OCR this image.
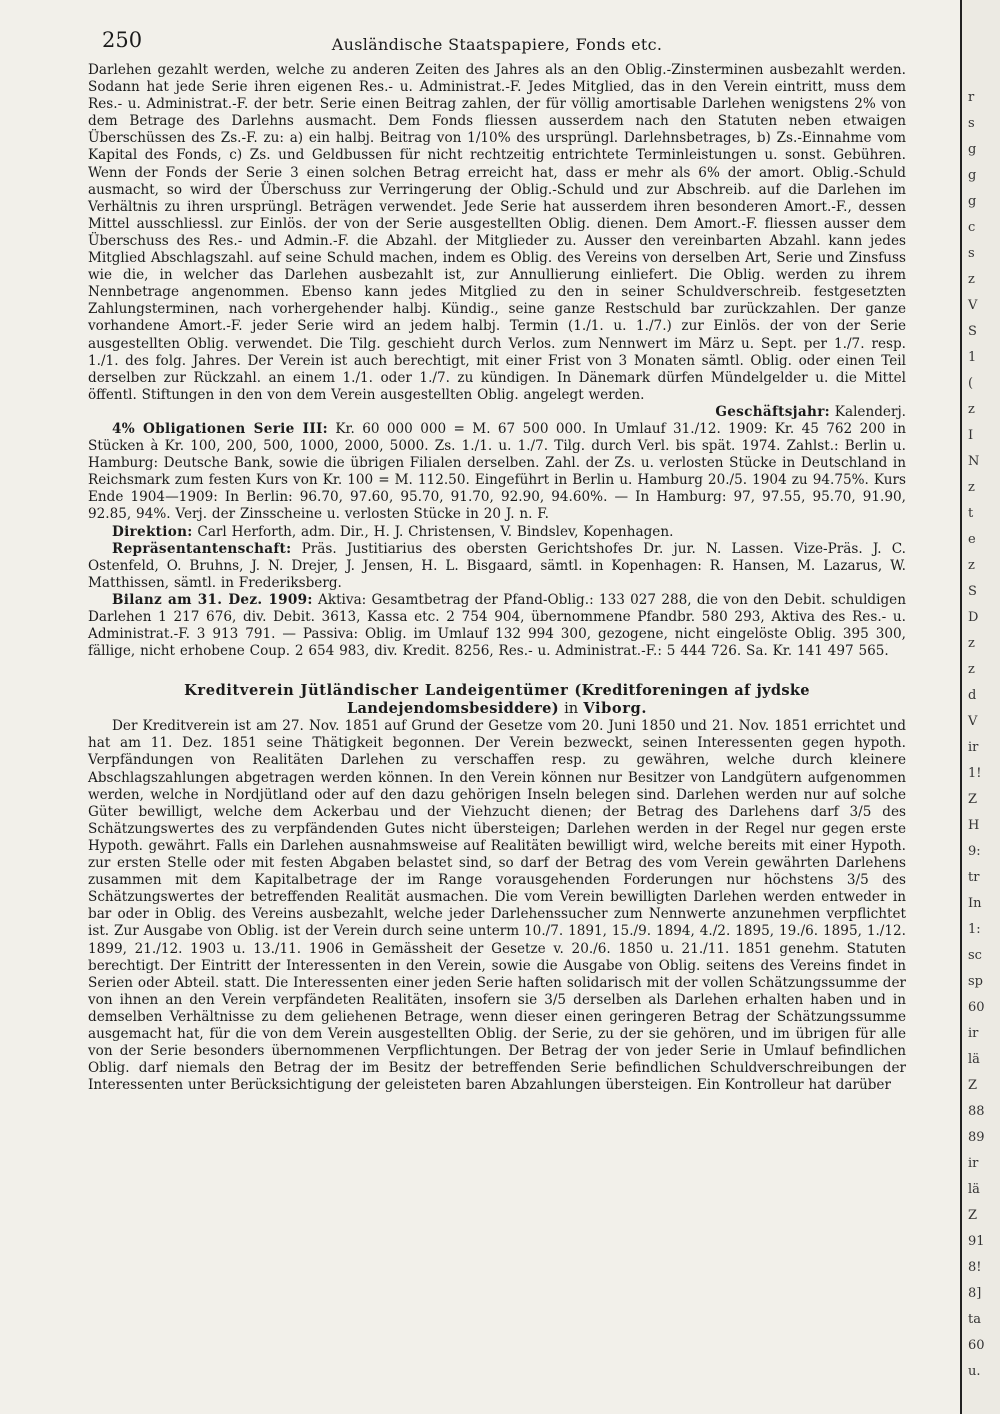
250	Ausländische Staatspapiere, Fonds etc.

Darlehen gezahlt werden, welche zu anderen Zeiten des Jahres als an den Oblig.-Zinsterminen ausbezahlt werden. Sodann hat jede Serie ihren eigenen Res.- u. Administrat.-F. Jedes Mitglied, das in den Verein eintritt, muss dem Res.- u. Administrat.-F. der betr. Serie einen Beitrag zahlen, der für völlig amortisable Darlehen wenigstens 2% von dem Betrage des Darlehns ausmacht. Dem Fonds fliessen ausserdem nach den Statuten neben etwaigen Überschüssen des Zs.-F. zu: a) ein halbj. Beitrag von 1/10% des ursprüngl. Darlehnsbetrages, b) Zs.-Einnahme vom Kapital des Fonds, c) Zs. und Geldbussen für nicht rechtzeitig entrichtete Terminleistungen u. sonst. Gebühren. Wenn der Fonds der Serie 3 einen solchen Betrag erreicht hat, dass er mehr als 6% der amort. Oblig.-Schuld ausmacht, so wird der Überschuss zur Verringerung der Oblig.-Schuld und zur Abschreib. auf die Darlehen im Verhältnis zu ihren ursprüngl. Beträgen verwendet. Jede Serie hat ausserdem ihren besonderen Amort.-F., dessen Mittel ausschliessl. zur Einlös. der von der Serie ausgestellten Oblig. dienen. Dem Amort.-F. fliessen ausser dem Überschuss des Res.- und Admin.-F. die Abzahl. der Mitglieder zu. Ausser den vereinbarten Abzahl. kann jedes Mitglied Abschlagszahl. auf seine Schuld machen, indem es Oblig. des Vereins von derselben Art, Serie und Zinsfuss wie die, in welcher das Darlehen ausbezahlt ist, zur Annullierung einliefert. Die Oblig. werden zu ihrem Nennbetrage angenommen. Ebenso kann jedes Mitglied zu den in seiner Schuldverschreib. festgesetzten Zahlungsterminen, nach vorhergehender halbj. Kündig., seine ganze Restschuld bar zurückzahlen. Der ganze vorhandene Amort.-F. jeder Serie wird an jedem halbj. Termin (1./1. u. 1./7.) zur Einlös. der von der Serie ausgestellten Oblig. verwendet. Die Tilg. geschieht durch Verlos. zum Nennwert im März u. Sept. per 1./7. resp. 1./1. des folg. Jahres. Der Verein ist auch berechtigt, mit einer Frist von 3 Monaten sämtl. Oblig. oder einen Teil derselben zur Rückzahl. an einem 1./1. oder 1./7. zu kündigen. In Dänemark dürfen Mündelgelder u. die Mittel öffentl. Stiftungen in den von dem Verein ausgestellten Oblig. angelegt werden.

Geschäftsjahr: Kalenderj.

4% Obligationen Serie III: Kr. 60 000 000 = M. 67 500 000. In Umlauf 31./12. 1909: Kr. 45 762 200 in Stücken à Kr. 100, 200, 500, 1000, 2000, 5000. Zs. 1./1. u. 1./7. Tilg. durch Verl. bis spät. 1974. Zahlst.: Berlin u. Hamburg: Deutsche Bank, sowie die übrigen Filialen derselben. Zahl. der Zs. u. verlosten Stücke in Deutschland in Reichsmark zum festen Kurs von Kr. 100 = M. 112.50. Eingeführt in Berlin u. Hamburg 20./5. 1904 zu 94.75%. Kurs Ende 1904—1909: In Berlin: 96.70, 97.60, 95.70, 91.70, 92.90, 94.60%. — In Hamburg: 97, 97.55, 95.70, 91.90, 92.85, 94%. Verj. der Zinsscheine u. verlosten Stücke in 20 J. n. F.

Direktion: Carl Herforth, adm. Dir., H. J. Christensen, V. Bindslev, Kopenhagen.

Repräsentantenschaft: Präs. Justitiarius des obersten Gerichtshofes Dr. jur. N. Lassen. Vize-Präs. J. C. Ostenfeld, O. Bruhns, J. N. Drejer, J. Jensen, H. L. Bisgaard, sämtl. in Kopenhagen: R. Hansen, M. Lazarus, W. Matthissen, sämtl. in Frederiksberg.

Bilanz am 31. Dez. 1909: Aktiva: Gesamtbetrag der Pfand-Oblig.: 133 027 288, die von den Debit. schuldigen Darlehen 1 217 676, div. Debit. 3613, Kassa etc. 2 754 904, übernommene Pfandbr. 580 293, Aktiva des Res.- u. Administrat.-F. 3 913 791. — Passiva: Oblig. im Umlauf 132 994 300, gezogene, nicht eingelöste Oblig. 395 300, fällige, nicht erhobene Coup. 2 654 983, div. Kredit. 8256, Res.- u. Administrat.-F.: 5 444 726. Sa. Kr. 141 497 565.

Kreditverein Jütländischer Landeigentümer (Kreditforeningen af jydske Landejendomsbesiddere) in Viborg.

Der Kreditverein ist am 27. Nov. 1851 auf Grund der Gesetze vom 20. Juni 1850 und 21. Nov. 1851 errichtet und hat am 11. Dez. 1851 seine Thätigkeit begonnen. Der Verein bezweckt, seinen Interessenten gegen hypoth. Verpfändungen von Realitäten Darlehen zu verschaffen resp. zu gewähren, welche durch kleinere Abschlagszahlungen abgetragen werden können. In den Verein können nur Besitzer von Landgütern aufgenommen werden, welche in Nordjütland oder auf den dazu gehörigen Inseln belegen sind. Darlehen werden nur auf solche Güter bewilligt, welche dem Ackerbau und der Viehzucht dienen; der Betrag des Darlehens darf 3/5 des Schätzungswertes des zu verpfändenden Gutes nicht übersteigen; Darlehen werden in der Regel nur gegen erste Hypoth. gewährt. Falls ein Darlehen ausnahmsweise auf Realitäten bewilligt wird, welche bereits mit einer Hypoth. zur ersten Stelle oder mit festen Abgaben belastet sind, so darf der Betrag des vom Verein gewährten Darlehens zusammen mit dem Kapitalbetrage der im Range vorausgehenden Forderungen nur höchstens 3/5 des Schätzungswertes der betreffenden Realität ausmachen. Die vom Verein bewilligten Darlehen werden entweder in bar oder in Oblig. des Vereins ausbezahlt, welche jeder Darlehenssucher zum Nennwerte anzunehmen verpflichtet ist. Zur Ausgabe von Oblig. ist der Verein durch seine unterm 10./7. 1891, 15./9. 1894, 4./2. 1895, 19./6. 1895, 1./12. 1899, 21./12. 1903 u. 13./11. 1906 in Gemässheit der Gesetze v. 20./6. 1850 u. 21./11. 1851 genehm. Statuten berechtigt. Der Eintritt der Interessenten in den Verein, sowie die Ausgabe von Oblig. seitens des Vereins findet in Serien oder Abteil. statt. Die Interessenten einer jeden Serie haften solidarisch mit der vollen Schätzungssumme der von ihnen an den Verein verpfändeten Realitäten, insofern sie 3/5 derselben als Darlehen erhalten haben und in demselben Verhältnisse zu dem geliehenen Betrage, wenn dieser einen geringeren Betrag der Schätzungssumme ausgemacht hat, für die von dem Verein ausgestellten Oblig. der Serie, zu der sie gehören, und im übrigen für alle von der Serie besonders übernommenen Verpflichtungen. Der Betrag der von jeder Serie in Umlauf befindlichen Oblig. darf niemals den Betrag der im Besitz der betreffenden Serie befindlichen Schuldverschreibungen der Interessenten unter Berücksichtigung der geleisteten baren Abzahlungen übersteigen. Ein Kontrolleur hat darüber

r
s
g
g
g
c
s
z
V
S
1
(
z
I
N
z
t
e
z
S
D
z
z
d
V
ir
1!
Z
H
9:
tr
In
1:
sc
sp
60
ir
lä
Z
88
89
ir
lä
Z
91
8!
8]
ta
60
u.
